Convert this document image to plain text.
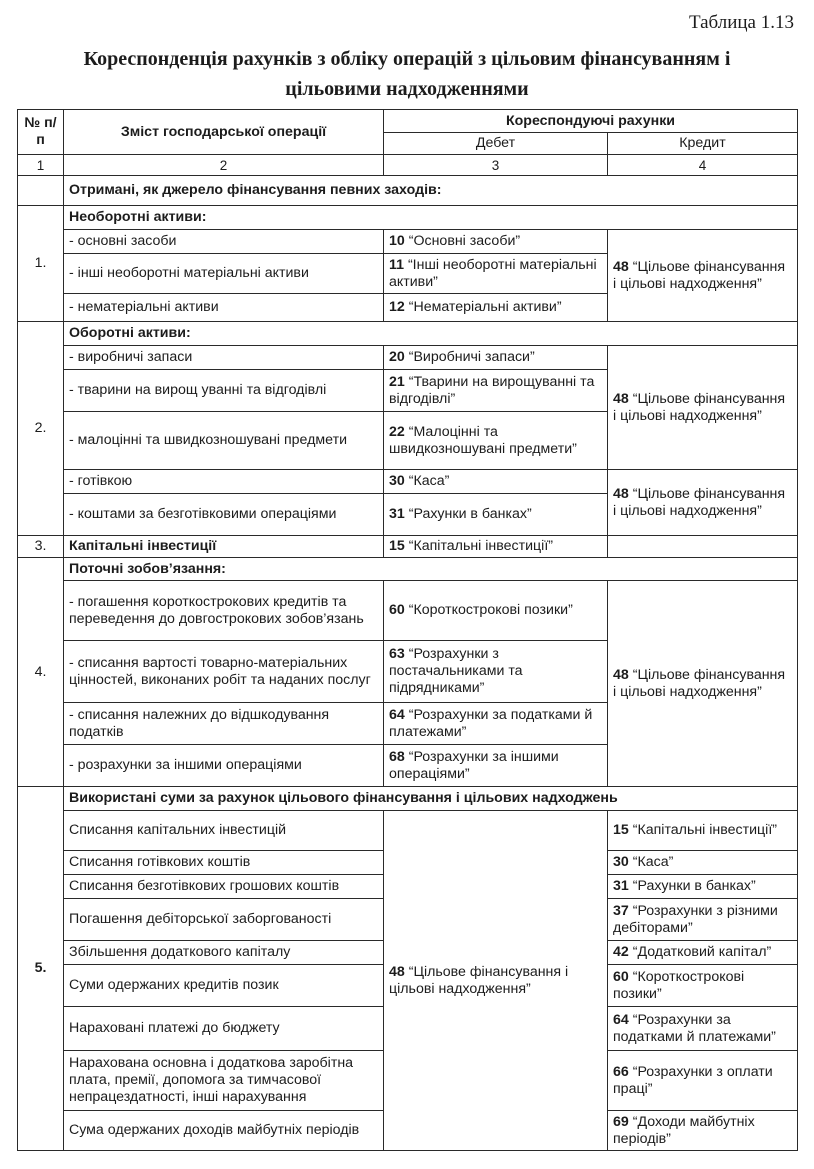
Таблица 1.13
Кореспонденція рахунків з обліку операцій з цільовим фінансуванням і
цільовими надходженнями
№ п/п	Зміст господарської операції	Кореспондуючі рахунки	
		Дебет	Кредит
1	2	3	4
	Отримані, як джерело фінансування певних заходів:		
1.	Необоротні активи:		
	- основні засоби	10 “Основні засоби”	48 “Цільове фінансування і цільові надходження”
	- інші необоротні матеріальні активи	11 “Інші необоротні матеріальні активи”	
	- нематеріальні активи	12 “Нематеріальні активи”	
2.	Оборотні активи:		
	- виробничі запаси	20 “Виробничі запаси”	48 “Цільове фінансування і цільові надходження”
	- тварини на вирощ уванні та відгодівлі	21 “Тварини на вирощуванні та відгодівлі”	
	- малоцінні та швидкозношувані предмети	22 “Малоцінні та швидкозношувані предмети”	
	- готівкою	30 “Каса”	48 “Цільове фінансування і цільові надходження”
	- коштами за безготівковими операціями	31 “Рахунки в банках”	
3.	Капітальні інвестиції	15 “Капітальні інвестиції”	
4.	Поточні зобов’язання:		
	- погашення короткострокових кредитів та переведення до довгострокових зобов’язань	60 “Короткострокові позики”	48 “Цільове фінансування і цільові надходження”
	- списання вартості товарно-матеріальних цінностей, виконаних робіт та наданих послуг	63 “Розрахунки з постачальниками та підрядниками”	
	- списання належних до відшкодування податків	64 “Розрахунки за податками й платежами”	
	- розрахунки за іншими операціями	68 “Розрахунки за іншими операціями”	
5.	Використані суми за рахунок цільового фінансування і цільових надходжень		
	Списання капітальних інвестицій	48 “Цільове фінансування і цільові надходження”	15 “Капітальні інвестиції”
	Списання готівкових коштів		30 “Каса”
	Списання безготівкових грошових коштів		31 “Рахунки в банках”
	Погашення дебіторської заборгованості		37 “Розрахунки з різними дебіторами”
	Збільшення додаткового капіталу		42 “Додатковий капітал”
	Суми одержаних кредитів позик		60 “Короткострокові позики”
	Нараховані платежі до бюджету		64 “Розрахунки за податками й платежами”
	Нарахована основна і додаткова заробітна плата, премії, допомога за тимчасової непрацездатності, інші нарахування		66 “Розрахунки з оплати праці”
	Сума одержаних доходів майбутніх періодів		69 “Доходи майбутніх періодів”
